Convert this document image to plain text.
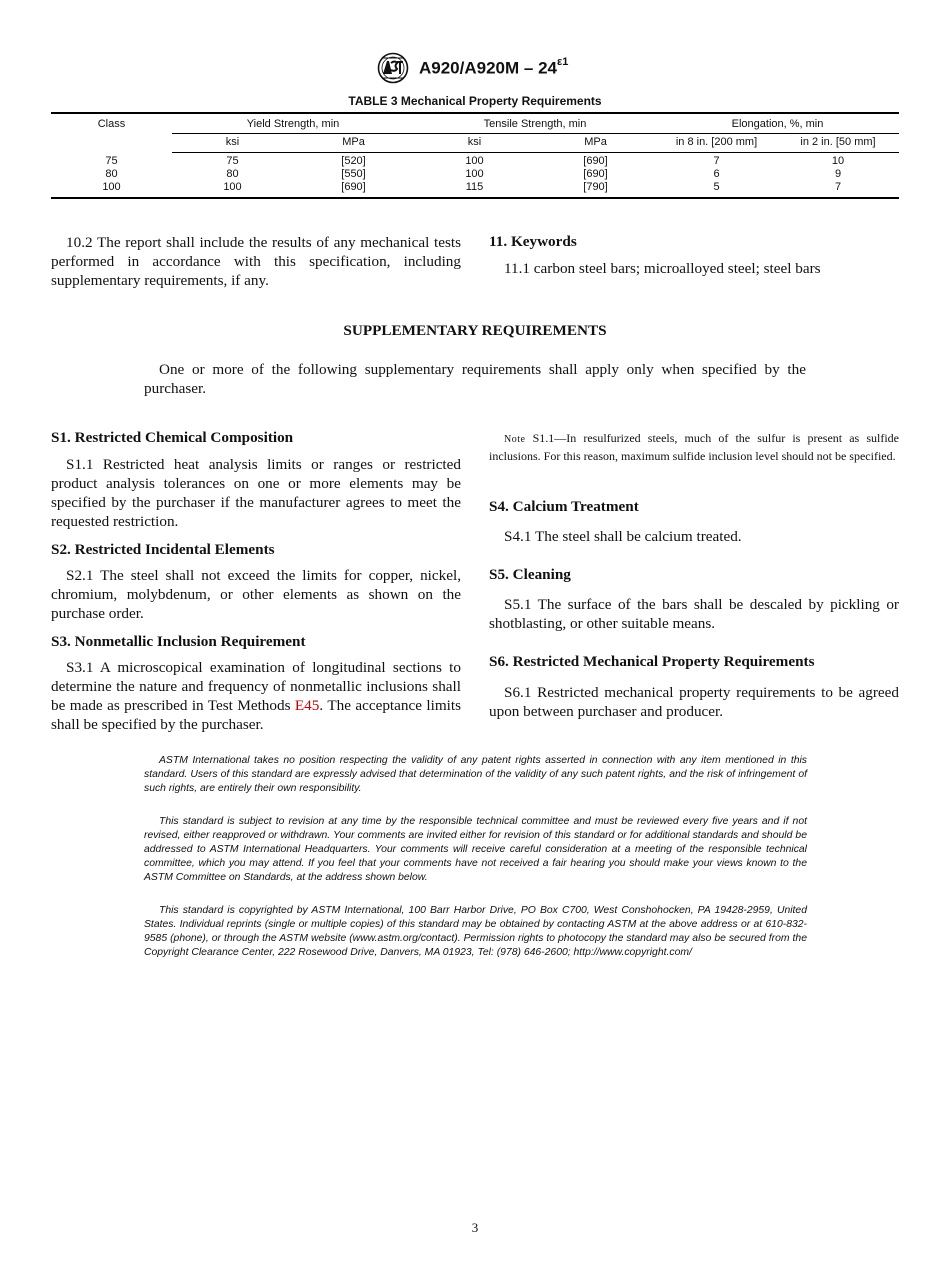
$A920/A920M - 24^{\varepsilon 1}$
TABLE 3 Mechanical Property Requirements
Class	Yield Strength, min		Tensile Strength, min		Elongation, %, min	
	ksi	MPa	ksi	MPa	in 8 in. [200 mm]	in 2 in. [50 mm]
75	75	[520]	100	[690]	7	10
80	80	[550]	100	[690]	6	9
100	100	[690]	115	[790]	5	7

10.2 The report shall include the results of any mechanical tests performed in accordance with this specification, including supplementary requirements, if any.

11. Keywords

11.1 carbon steel bars; microalloyed steel; steel bars

SUPPLEMENTARY REQUIREMENTS

One or more of the following supplementary requirements shall apply only when specified by the purchaser.

S1. Restricted Chemical Composition

S1.1 Restricted heat analysis limits or ranges or restricted product analysis tolerances on one or more elements may be specified by the purchaser if the manufacturer agrees to meet the requested restriction.

S2. Restricted Incidental Elements

S2.1 The steel shall not exceed the limits for copper, nickel, chromium, molybdenum, or other elements as shown on the purchase order.

S3. Nonmetallic Inclusion Requirement

S3.1 A microscopical examination of longitudinal sections to determine the nature and frequency of nonmetallic inclusions shall be made as prescribed in Test Methods E45. The acceptance limits shall be specified by the purchaser.

Note S1.1—In resulfurized steels, much of the sulfur is present as sulfide inclusions. For this reason, maximum sulfide inclusion level should not be specified.

S4. Calcium Treatment

S4.1 The steel shall be calcium treated.

S5. Cleaning

S5.1 The surface of the bars shall be descaled by pickling or shotblasting, or other suitable means.

S6. Restricted Mechanical Property Requirements

S6.1 Restricted mechanical property requirements to be agreed upon between purchaser and producer.

ASTM International takes no position respecting the validity of any patent rights asserted in connection with any item mentioned in this standard. Users of this standard are expressly advised that determination of the validity of any such patent rights, and the risk of infringement of such rights, are entirely their own responsibility.

This standard is subject to revision at any time by the responsible technical committee and must be reviewed every five years and if not revised, either reapproved or withdrawn. Your comments are invited either for revision of this standard or for additional standards and should be addressed to ASTM International Headquarters. Your comments will receive careful consideration at a meeting of the responsible technical committee, which you may attend. If you feel that your comments have not received a fair hearing you should make your views known to the ASTM Committee on Standards, at the address shown below.

This standard is copyrighted by ASTM International, 100 Barr Harbor Drive, PO Box C700, West Conshohocken, PA 19428-2959, United States. Individual reprints (single or multiple copies) of this standard may be obtained by contacting ASTM at the above address or at 610-832-9585 (phone), or through the ASTM website (www.astm.org/contact). Permission rights to photocopy the standard may also be secured from the Copyright Clearance Center, 222 Rosewood Drive, Danvers, MA 01923, Tel: (978) 646-2600; http://www.copyright.com/

3
